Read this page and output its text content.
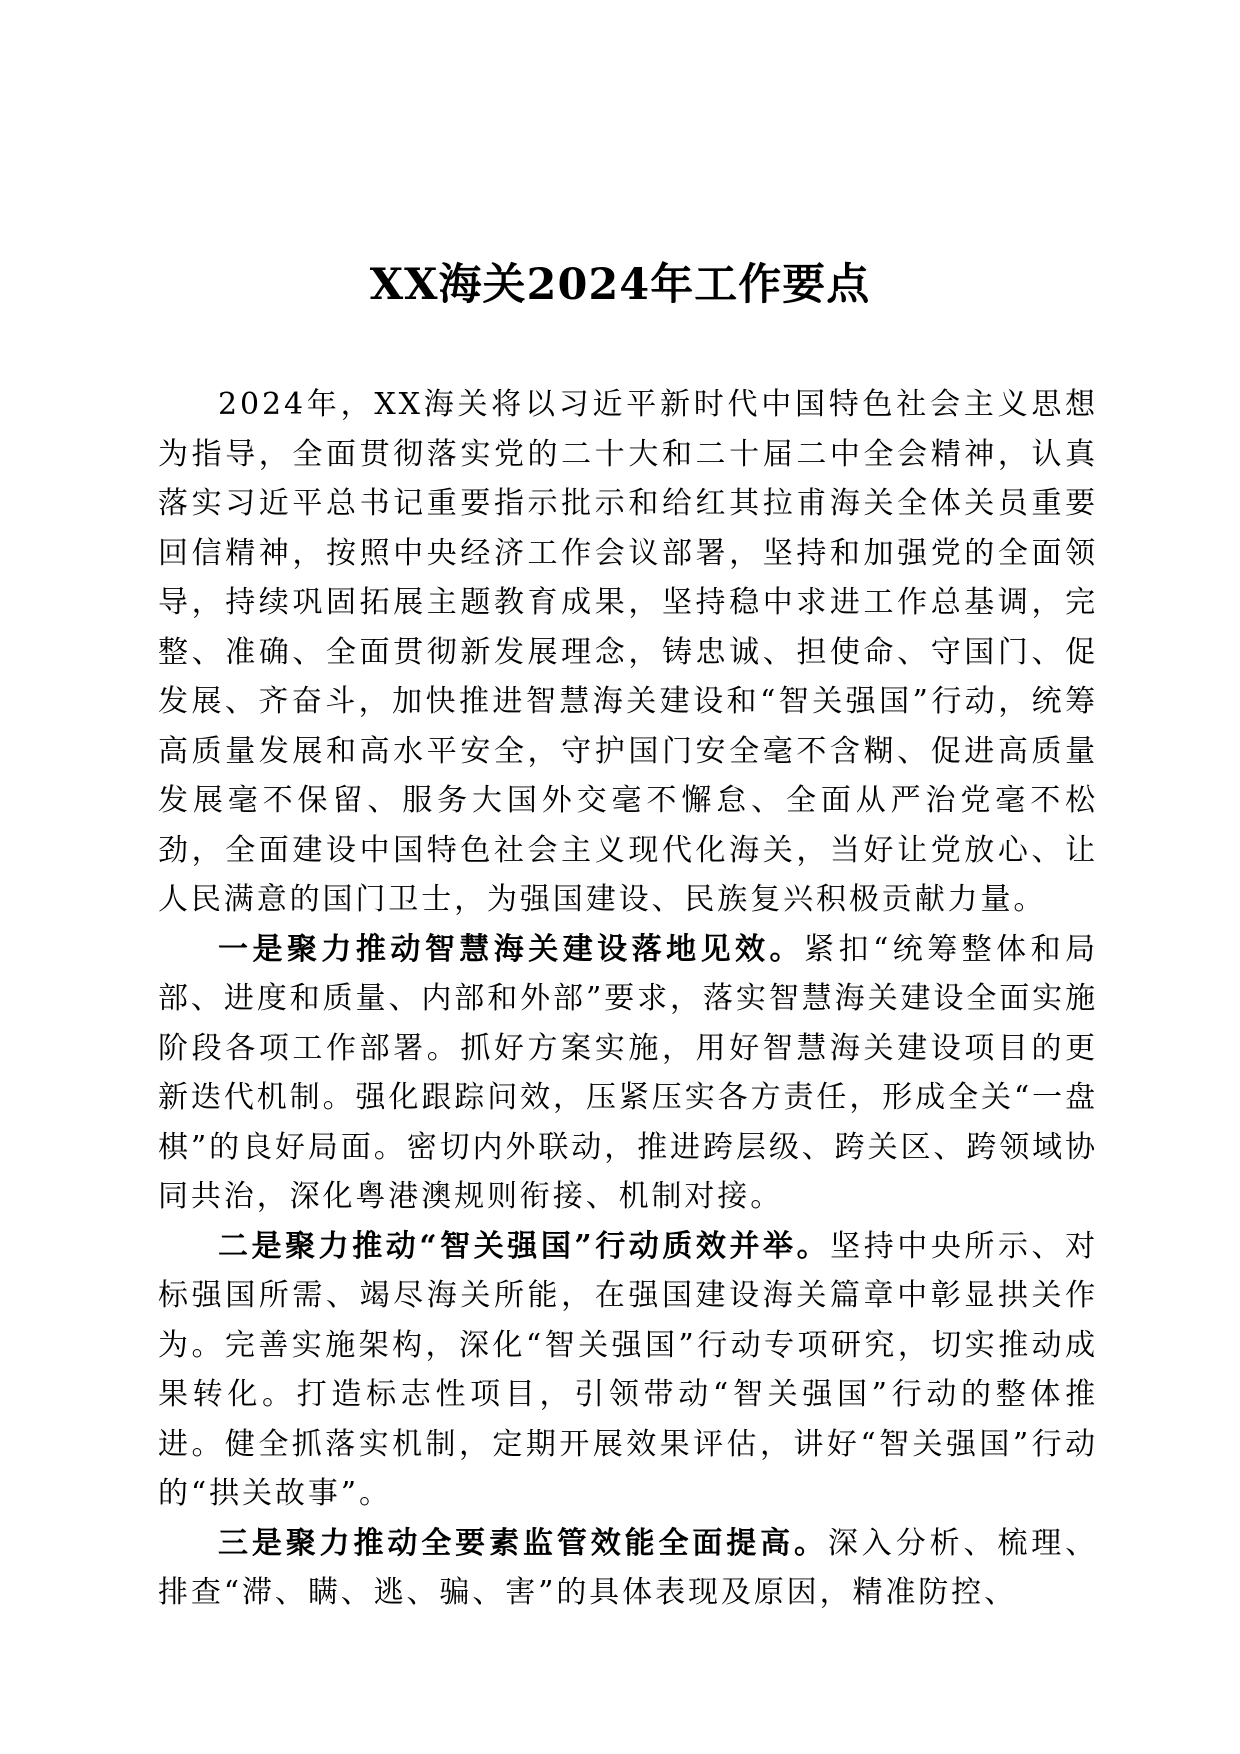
XX海关2024年工作要点

2024年，XX海关将以习近平新时代中国特色社会主义思想为指导，全面贯彻落实党的二十大和二十届二中全会精神，认真落实习近平总书记重要指示批示和给红其拉甫海关全体关员重要回信精神，按照中央经济工作会议部署，坚持和加强党的全面领导，持续巩固拓展主题教育成果，坚持稳中求进工作总基调，完整、准确、全面贯彻新发展理念，铸忠诚、担使命、守国门、促发展、齐奋斗，加快推进智慧海关建设和“智关强国”行动，统筹高质量发展和高水平安全，守护国门安全毫不含糊、促进高质量发展毫不保留、服务大国外交毫不懈怠、全面从严治党毫不松劲，全面建设中国特色社会主义现代化海关，当好让党放心、让人民满意的国门卫士，为强国建设、民族复兴积极贡献力量。

一是聚力推动智慧海关建设落地见效。紧扣“统筹整体和局部、进度和质量、内部和外部”要求，落实智慧海关建设全面实施阶段各项工作部署。抓好方案实施，用好智慧海关建设项目的更新迭代机制。强化跟踪问效，压紧压实各方责任，形成全关“一盘棋”的良好局面。密切内外联动，推进跨层级、跨关区、跨领域协同共治，深化粤港澳规则衔接、机制对接。

二是聚力推动“智关强国”行动质效并举。坚持中央所示、对标强国所需、竭尽海关所能，在强国建设海关篇章中彰显拱关作为。完善实施架构，深化“智关强国”行动专项研究，切实推动成果转化。打造标志性项目，引领带动“智关强国”行动的整体推进。健全抓落实机制，定期开展效果评估，讲好“智关强国”行动的“拱关故事”。

三是聚力推动全要素监管效能全面提高。深入分析、梳理、排查“滞、瞒、逃、骗、害”的具体表现及原因，精准防控、
